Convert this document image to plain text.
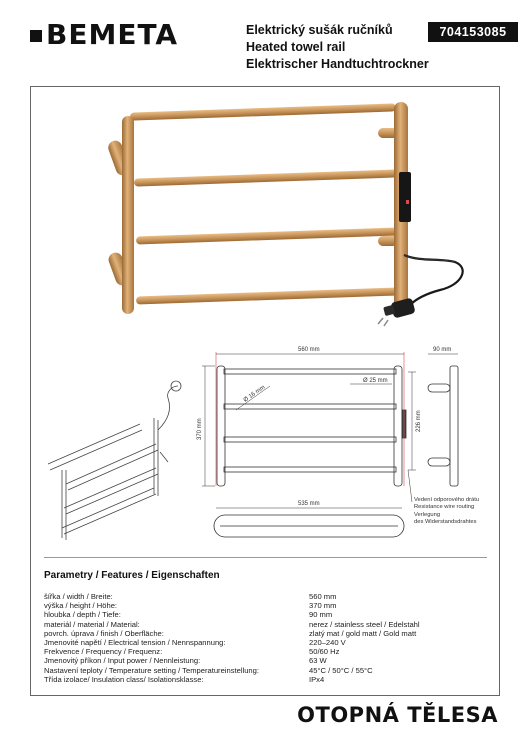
BEMETA	Elektrický sušák ručníků
Heated towel rail
Elektrischer Handtuchtrockner
704153085
560 mm
370 mm
Ø 16 mm
Ø 25 mm
226 mm
535 mm
90 mm
Vedení odporového drátu
Resistance wire routing
Verlegung
des Widerstandsdrahtes
Parametry / Features / Eigenschaften
šířka / width / Breite:	560 mm
výška / height / Höhe:	370 mm
hloubka / depth / Tiefe:	90 mm
materiál / material / Material:	nerez / stainless steel / Edelstahl
povrch. úprava / finish / Oberfläche:	zlatý mat / gold matt / Gold matt
Jmenovité napětí / Electrical tension / Nennspannung:	220–240 V
Frekvence / Frequency / Frequenz:	50/60 Hz
Jmenovitý příkon / Input power / Nennleistung:	63 W
Nastavení teploty / Temperature setting / Temperatureinstellung:	45°C / 50°C / 55°C
Třída izolace/ Insulation class/ Isolationsklasse:	IPx4
OTOPNÁ TĚLESA
